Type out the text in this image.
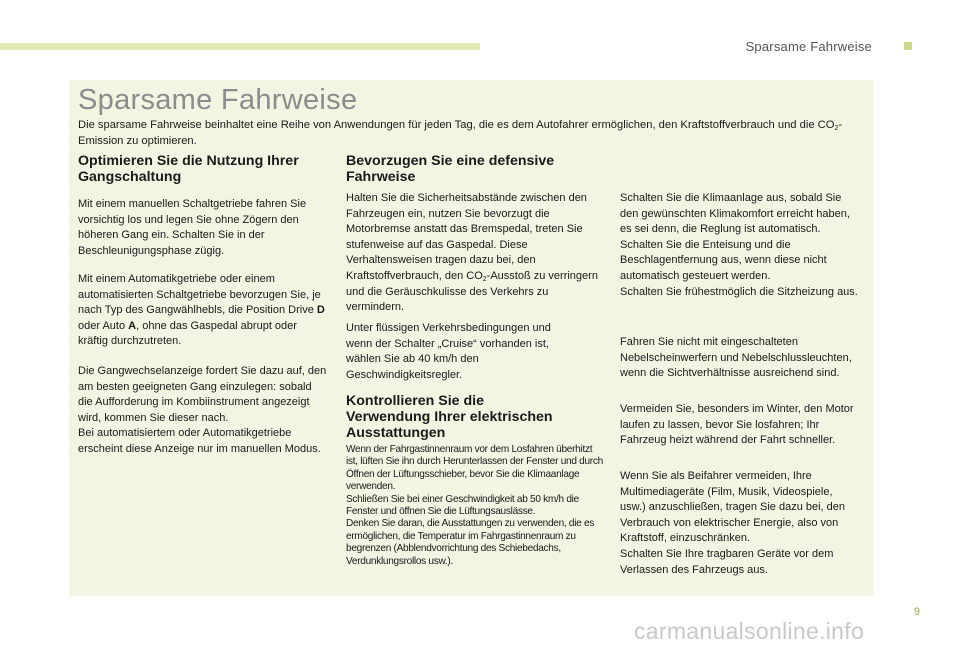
Sparsame Fahrweise
Sparsame Fahrweise

Die sparsame Fahrweise beinhaltet eine Reihe von Anwendungen für jeden Tag, die es dem Autofahrer ermöglichen, den Kraftstoffverbrauch und die $CO_2$-Emission zu optimieren.

Optimieren Sie die Nutzung Ihrer
Gangschaltung

Mit einem manuellen Schaltgetriebe fahren Sie vorsichtig los und legen Sie ohne Zögern den höheren Gang ein. Schalten Sie in der Beschleunigungsphase zügig.

Mit einem Automatikgetriebe oder einem automatisierten Schaltgetriebe bevorzugen Sie, je nach Typ des Gangwählhebls, die Position Drive D oder Auto A, ohne das Gaspedal abrupt oder kräftig durchzutreten.

Die Gangwechselanzeige fordert Sie dazu auf, den am besten geeigneten Gang einzulegen: sobald die Aufforderung im Kombiinstrument angezeigt wird, kommen Sie dieser nach.
Bei automatisiertem oder Automatikgetriebe erscheint diese Anzeige nur im manuellen Modus.

Bevorzugen Sie eine defensive
Fahrweise

Halten Sie die Sicherheitsabstände zwischen den Fahrzeugen ein, nutzen Sie bevorzugt die Motorbremse anstatt das Bremspedal, treten Sie stufenweise auf das Gaspedal. Diese Verhaltensweisen tragen dazu bei, den Kraftstoffverbrauch, den $CO_2$-Ausstoß zu verringern und die Geräuschkulisse des Verkehrs zu vermindern.

Unter flüssigen Verkehrsbedingungen und wenn der Schalter „Cruise“ vorhanden ist, wählen Sie ab 40 km/h den Geschwindigkeitsregler.

Kontrollieren Sie die
Verwendung Ihrer elektrischen
Ausstattungen

Wenn der Fahrgastinnenraum vor dem Losfahren überhitzt ist, lüften Sie ihn durch Herunterlassen der Fenster und durch Öffnen der Lüftungsschieber, bevor Sie die Klimaanlage verwenden.
Schließen Sie bei einer Geschwindigkeit ab 50 km/h die Fenster und öffnen Sie die Lüftungsauslässe.
Denken Sie daran, die Ausstattungen zu verwenden, die es ermöglichen, die Temperatur im Fahrgastinnenraum zu begrenzen (Abblendvorrichtung des Schiebedachs, Verdunklungsrollos usw.).

Schalten Sie die Klimaanlage aus, sobald Sie den gewünschten Klimakomfort erreicht haben, es sei denn, die Reglung ist automatisch.
Schalten Sie die Enteisung und die Beschlagentfernung aus, wenn diese nicht automatisch gesteuert werden.
Schalten Sie frühestmöglich die Sitzheizung aus.

Fahren Sie nicht mit eingeschalteten Nebelscheinwerfern und Nebelschlussleuchten, wenn die Sichtverhältnisse ausreichend sind.

Vermeiden Sie, besonders im Winter, den Motor laufen zu lassen, bevor Sie losfahren; Ihr Fahrzeug heizt während der Fahrt schneller.

Wenn Sie als Beifahrer vermeiden, Ihre Multimediageräte (Film, Musik, Videospiele, usw.) anzuschließen, tragen Sie dazu bei, den Verbrauch von elektrischer Energie, also von Kraftstoff, einzuschränken.
Schalten Sie Ihre tragbaren Geräte vor dem Verlassen des Fahrzeugs aus.

9
carmanualsonline.info
